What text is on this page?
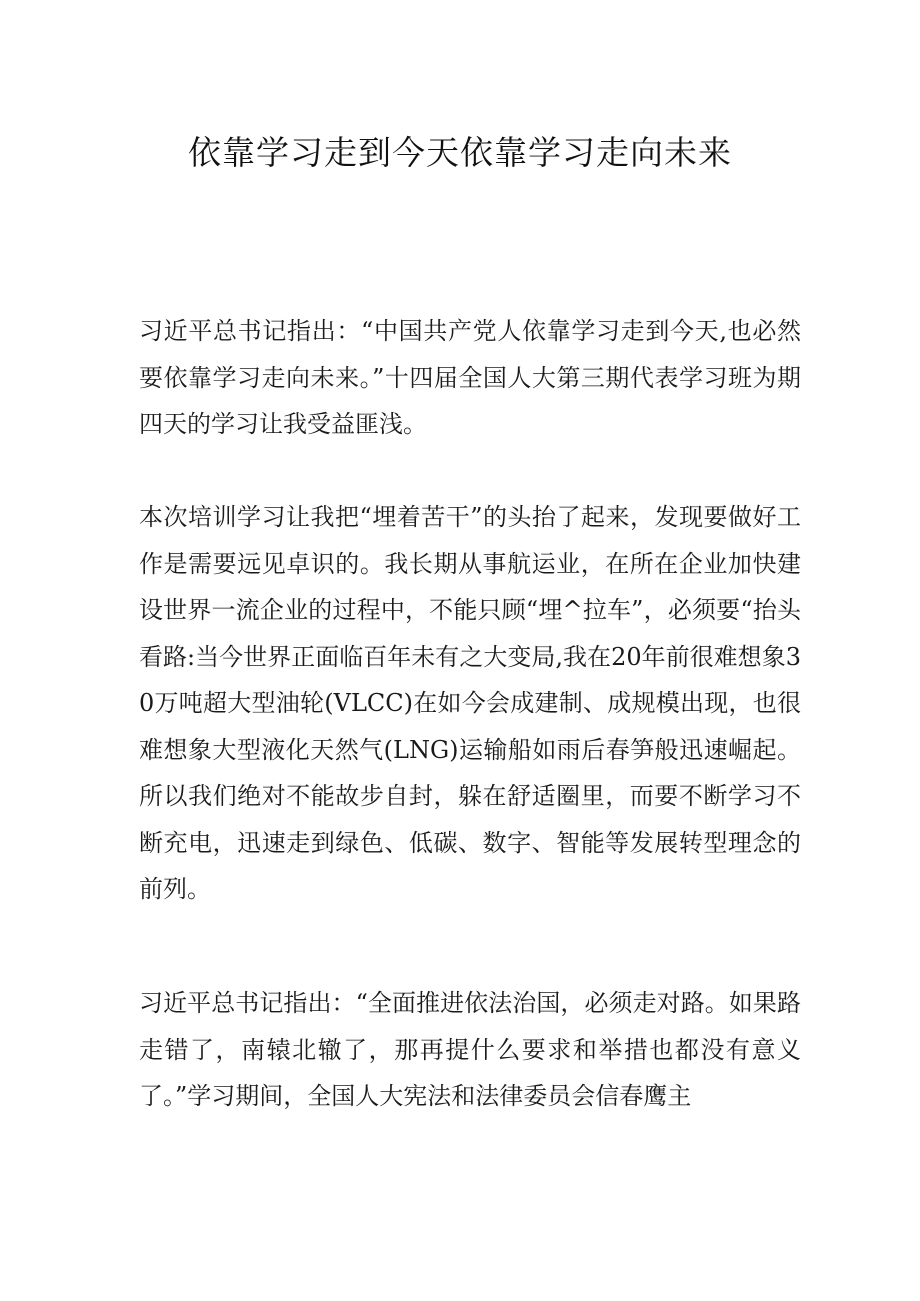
依靠学习走到今天依靠学习走向未来

习近平总书记指出：“中国共产党人依靠学习走到今天,也必然要依靠学习走向未来。”十四届全国人大第三期代表学习班为期四天的学习让我受益匪浅。

本次培训学习让我把“埋着苦干”的头抬了起来，发现要做好工作是需要远见卓识的。我长期从事航运业，在所在企业加快建设世界一流企业的过程中，不能只顾“埋^拉车”，必须要“抬头看路:当今世界正面临百年未有之大变局,我在20年前很难想象30万吨超大型油轮(VLCC)在如今会成建制、成规模出现，也很难想象大型液化天然气(LNG)运输船如雨后春笋般迅速崛起。所以我们绝对不能故步自封，躲在舒适圈里，而要不断学习不断充电，迅速走到绿色、低碳、数字、智能等发展转型理念的前列。

习近平总书记指出：“全面推进依法治国，必须走对路。如果路走错了，南辕北辙了，那再提什么要求和举措也都没有意义了。”学习期间，全国人大宪法和法律委员会信春鹰主
